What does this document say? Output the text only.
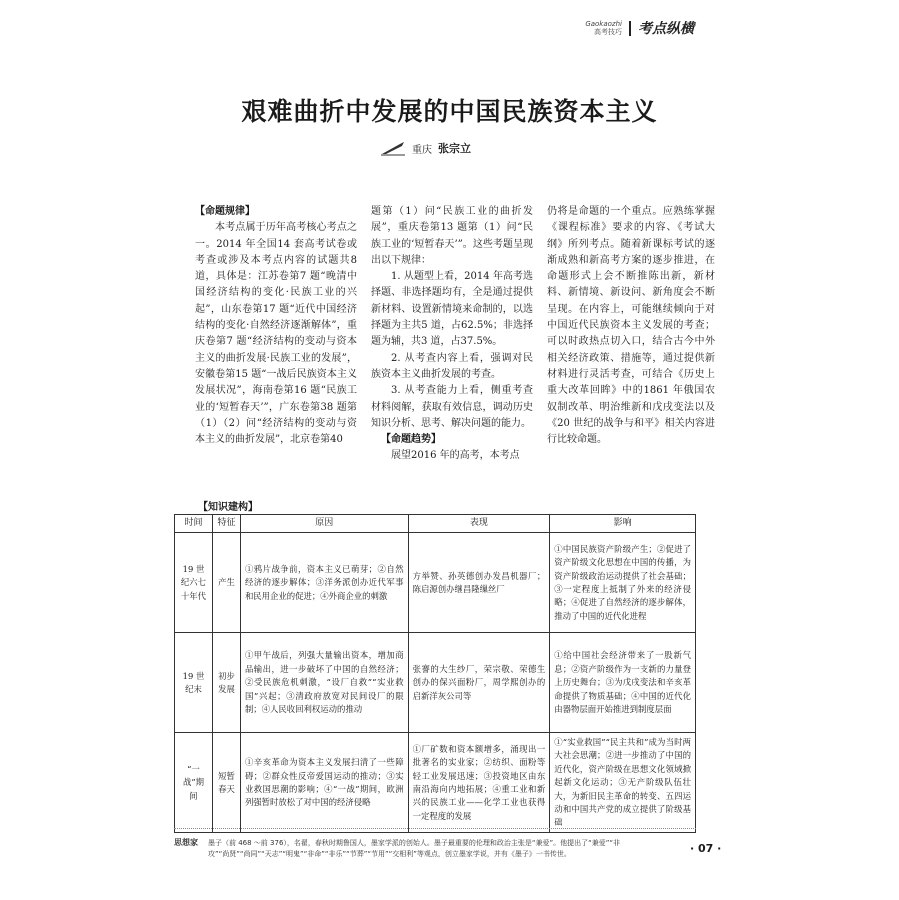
Gaokaozhi
高考技巧 考点纵横
艰难曲折中发展的中国民族资本主义
重庆 张宗立

【命题规律】

本考点属于历年高考核心考点之一。2014 年全国14 套高考试卷或考查或涉及本考点内容的试题共8 道，具体是：江苏卷第7 题“晚清中国经济结构的变化·民族工业的兴起”，山东卷第17 题“近代中国经济结构的变化·自然经济逐渐解体”，重庆卷第7 题“经济结构的变动与资本主义的曲折发展·民族工业的发展”，安徽卷第15 题“一战后民族资本主义发展状况”，海南卷第16 题“民族工业的‘短暂春天’”，广东卷第38 题第（1）（2）问“经济结构的变动与资本主义的曲折发展”，北京卷第40

题第（1）问“民族工业的曲折发展”，重庆卷第13 题第（1）问“民族工业的‘短暂春天’”。这些考题呈现出以下规律：

1. 从题型上看，2014 年高考选择题、非选择题均有，全是通过提供新材料、设置新情境来命制的，以选择题为主共5 道，占62.5%；非选择题为辅，共3 道，占37.5%。

2. 从考查内容上看，强调对民族资本主义曲折发展的考查。

3. 从考查能力上看，侧重考查材料阅解，获取有效信息，调动历史知识分析、思考、解决问题的能力。

【命题趋势】

展望2016 年的高考，本考点

仍将是命题的一个重点。应熟练掌握《课程标准》要求的内容、《考试大纲》所列考点。随着新课标考试的逐渐成熟和新高考方案的逐步推进，在命题形式上会不断推陈出新，新材料、新情境、新设问、新角度会不断呈现。在内容上，可能继续倾向于对中国近代民族资本主义发展的考查；可以时政热点切入口，结合古今中外相关经济政策、措施等，通过提供新材料进行灵活考查，可结合《历史上重大改革回眸》中的1861 年俄国农奴制改革、明治维新和戊戌变法以及《20 世纪的战争与和平》相关内容进行比较命题。

【知识建构】
时间	特征	原因	表现	影响
19 世纪六七十年代	产生	①鸦片战争前，资本主义已萌芽；②自然经济的逐步解体；③洋务派创办近代军事和民用企业的促进；④外商企业的刺激	方举赞、孙英德创办发昌机器厂；陈启源创办继昌隆缫丝厂	①中国民族资产阶级产生；②促进了资产阶级文化思想在中国的传播，为资产阶级政治运动提供了社会基础；③一定程度上抵制了外来的经济侵略；④促进了自然经济的逐步解体，推动了中国的近代化进程
19 世纪末	初步发展	①甲午战后，列强大量输出资本，增加商品输出，进一步破坏了中国的自然经济；②受民族危机刺激，“设厂自救”“实业救国”兴起；③清政府放宽对民间设厂的限制；④人民收回利权运动的推动	张謇的大生纱厂，荣宗敬、荣德生创办的保兴面粉厂，周学熙创办的启新洋灰公司等	①给中国社会经济带来了一股新气息；②资产阶级作为一支新的力量登上历史舞台；③为戊戌变法和辛亥革命提供了物质基础；④中国的近代化由器物层面开始推进到制度层面
“一战”期间	短暂春天	①辛亥革命为资本主义发展扫清了一些障碍；②群众性反帝爱国运动的推动；③实业救国思潮的影响；④“一战”期间，欧洲列强暂时放松了对中国的经济侵略	①厂矿数和资本额增多，涌现出一批著名的实业家；②纺织、面粉等轻工业发展迅速；③投资地区由东南沿海向内地拓展；④重工业和新兴的民族工业——化学工业也获得一定程度的发展	①“实业救国”“民主共和”成为当时两大社会思潮；②进一步推动了中国的近代化，资产阶级在思想文化领域掀起新文化运动；③无产阶级队伍壮大，为新旧民主革命的转变、五四运动和中国共产党的成立提供了阶级基础
思想家 墨子（前 468 ～前 376），名翟，春秋时期鲁国人，墨家学派的创始人。墨子最重要的伦理和政治主张是“兼爱”。他提出了“兼爱”“非攻”“尚贤”“尚同”“天志”“明鬼”“非命”“非乐”“节葬”“节用”“交相利”等观点，创立墨家学说，并有《墨子》一书传世。	· 07 ·
